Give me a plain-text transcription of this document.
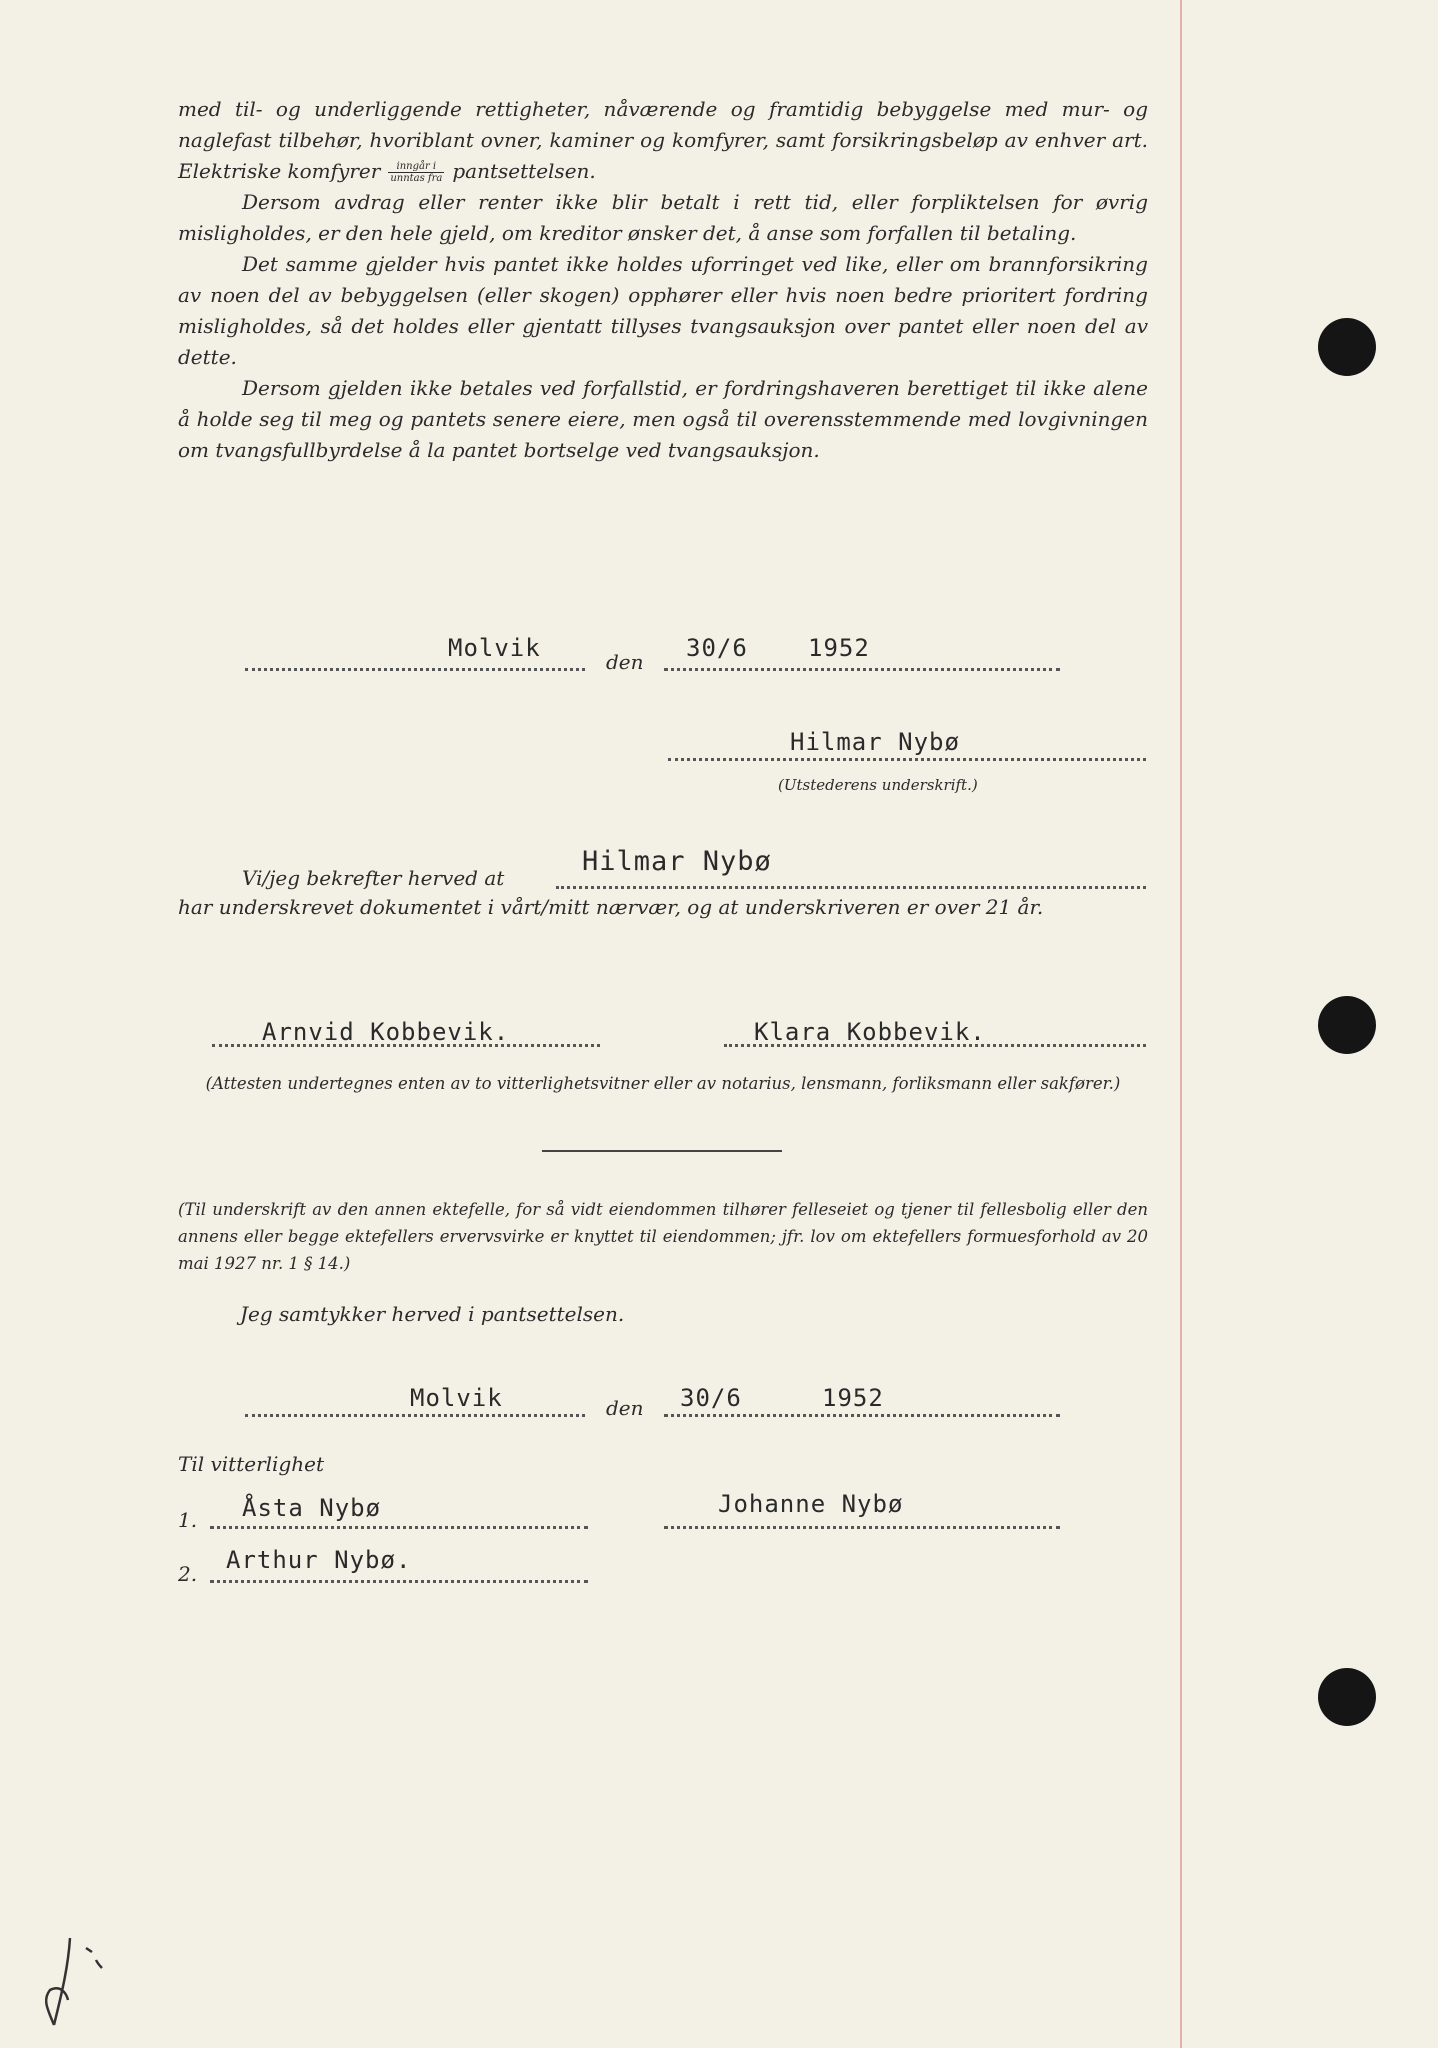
med til- og underliggende rettigheter, nåværende og framtidig bebyggelse med mur- og naglefast tilbehør, hvoriblant ovner, kaminer og komfyrer, samt forsikringsbeløp av enhver art. Elektriske komfyrer $\frac{\text{inngår i}}{\text{unntas fra}}$ pantsettelsen.

Dersom avdrag eller renter ikke blir betalt i rett tid, eller forpliktelsen for øvrig misligholdes, er den hele gjeld, om kreditor ønsker det, å anse som forfallen til betaling.

Det samme gjelder hvis pantet ikke holdes uforringet ved like, eller om brannforsikring av noen del av bebyggelsen (eller skogen) opphører eller hvis noen bedre prioritert fordring misligholdes, så det holdes eller gjentatt tillyses tvangsauksjon over pantet eller noen del av dette.

Dersom gjelden ikke betales ved forfallstid, er fordringshaveren berettiget til ikke alene å holde seg til meg og pantets senere eiere, men også til overensstemmende med lovgivningen om tvangsfullbyrdelse å la pantet bortselge ved tvangsauksjon.

Molvik	den 30/6	1952
Hilmar Nybø
(Utstederens underskrift.)
Vi/jeg bekrefter herved at
Hilmar Nybø
har underskrevet dokumentet i vårt/mitt nærvær, og at underskriveren er over 21 år.
Arnvid Kobbevik.	Klara Kobbevik.
(Attesten undertegnes enten av to vitterlighetsvitner eller av notarius, lensmann, forliksmann eller sakfører.)
(Til underskrift av den annen ektefelle, for så vidt eiendommen tilhører felleseiet og tjener til fellesbolig eller den annens eller begge ektefellers ervervsvirke er knyttet til eiendommen; jfr. lov om ektefellers formuesforhold av 20 mai 1927 nr. 1 § 14.)
Jeg samtykker herved i pantsettelsen.
Molvik	den 30/6	1952
Til vitterlighet
1. Åsta Nybø	Johanne Nybø
2. Arthur Nybø.
